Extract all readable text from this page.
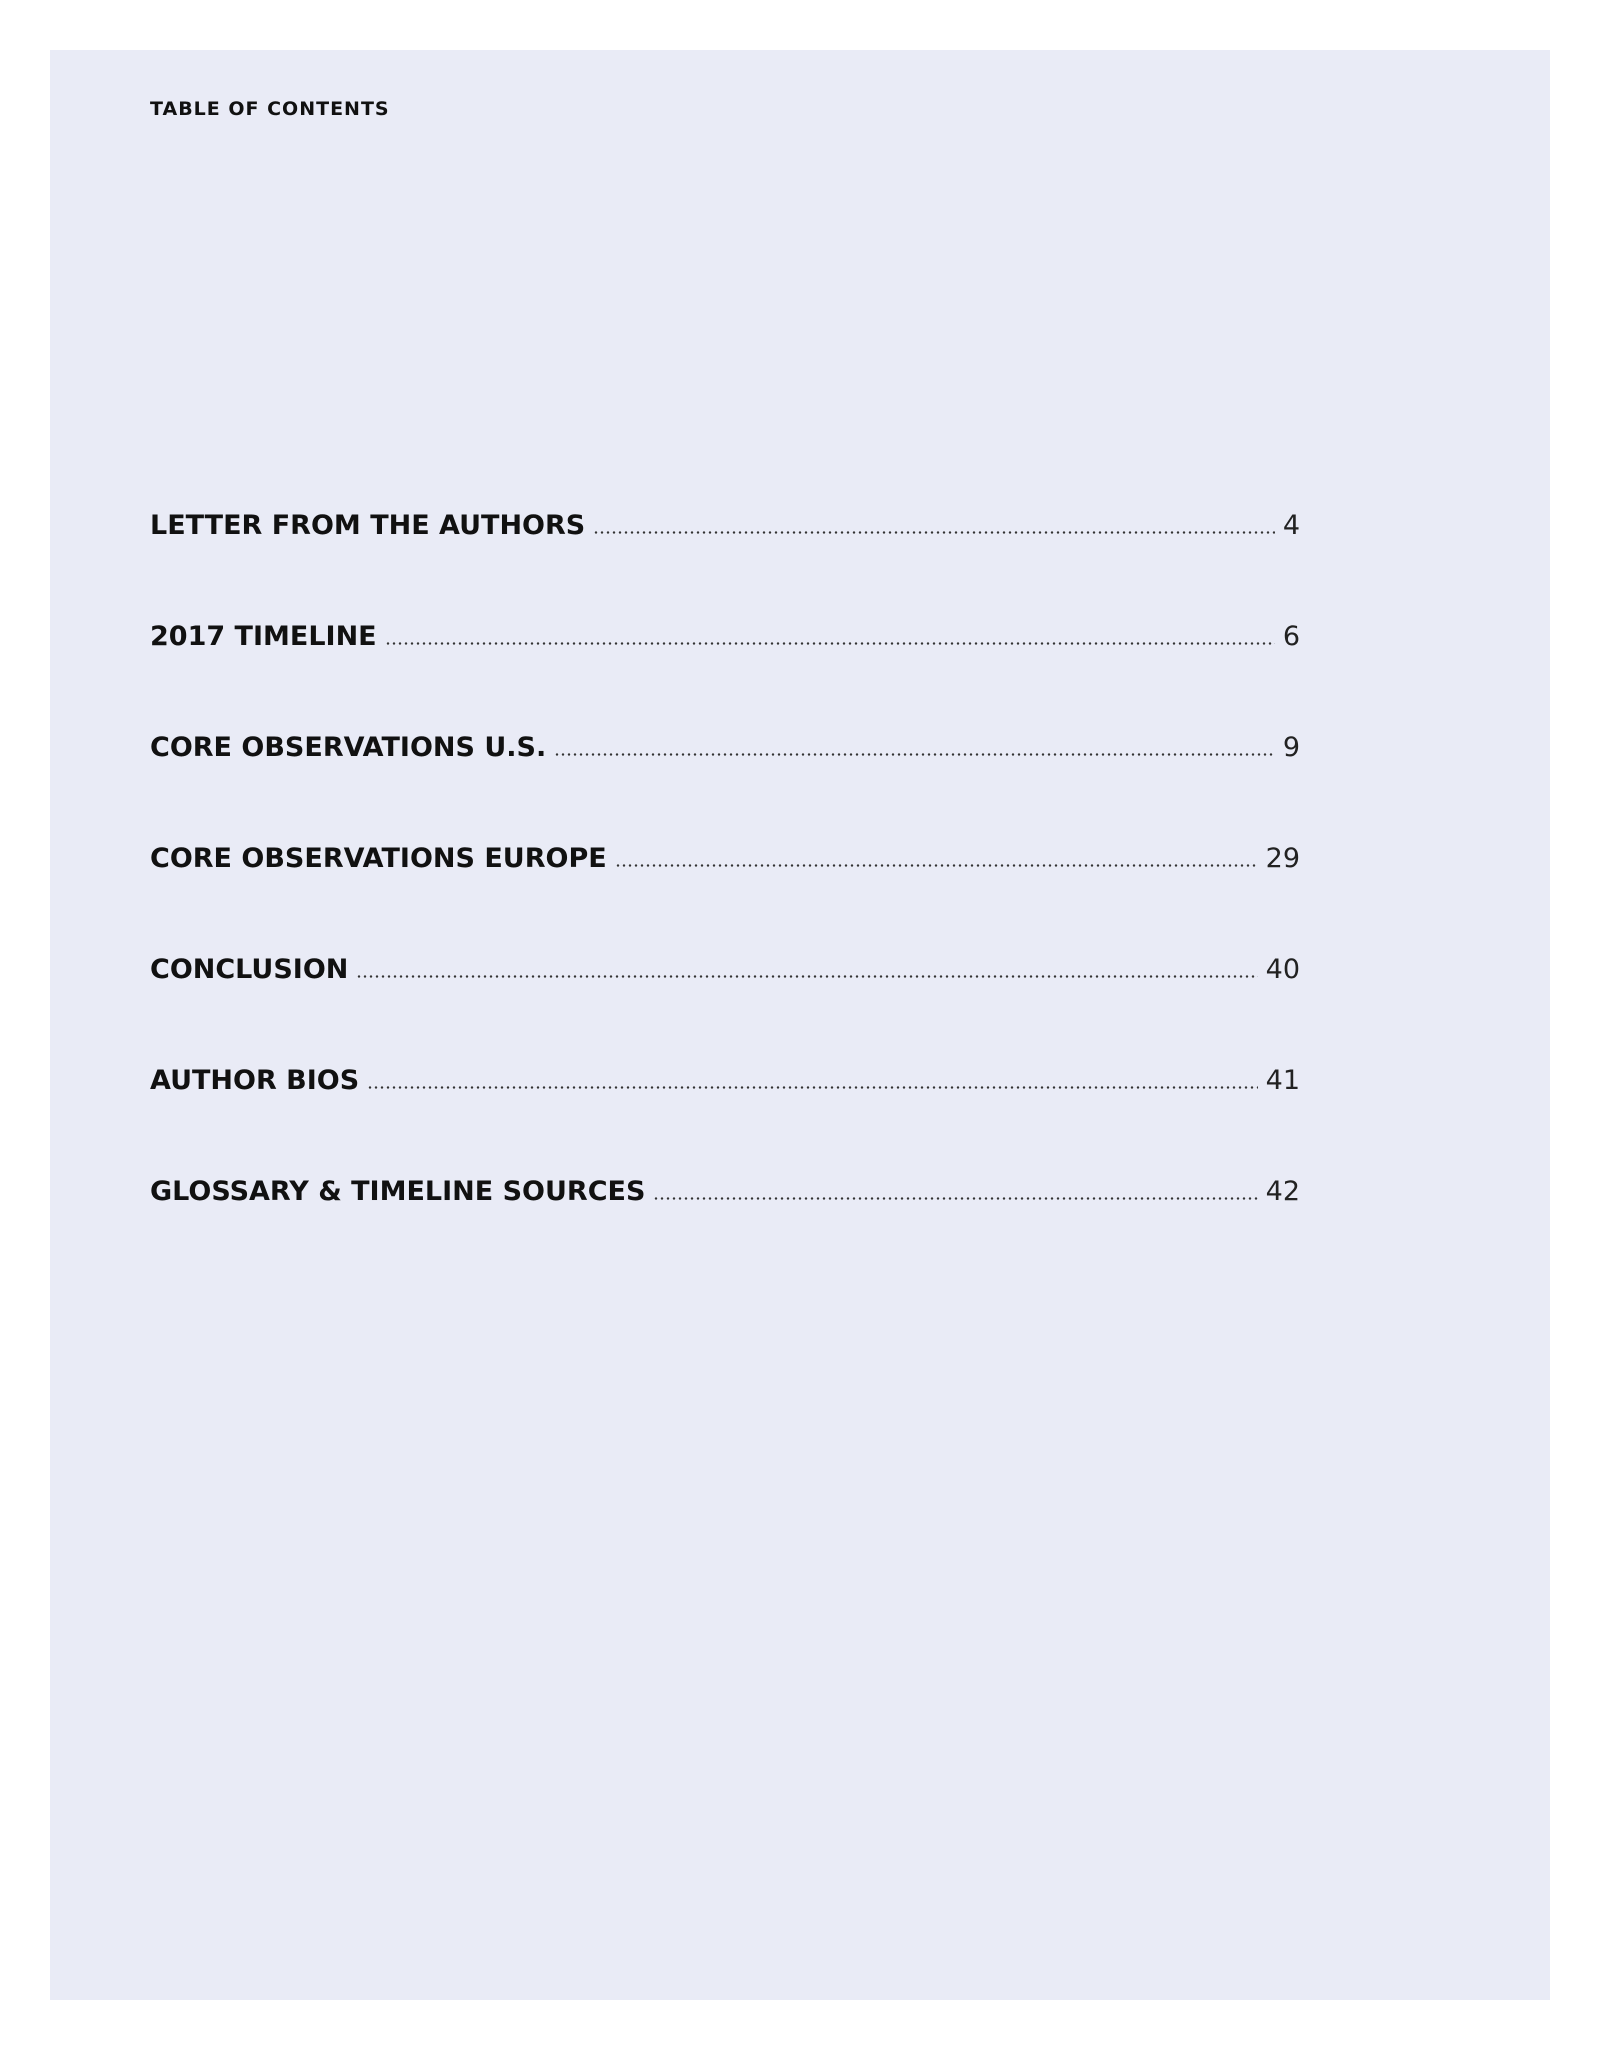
TABLE OF CONTENTS
LETTER FROM THE AUTHORS	4
2017 TIMELINE	6
CORE OBSERVATIONS U.S.	9
CORE OBSERVATIONS EUROPE	29
CONCLUSION	40
AUTHOR BIOS	41
GLOSSARY & TIMELINE SOURCES	42
